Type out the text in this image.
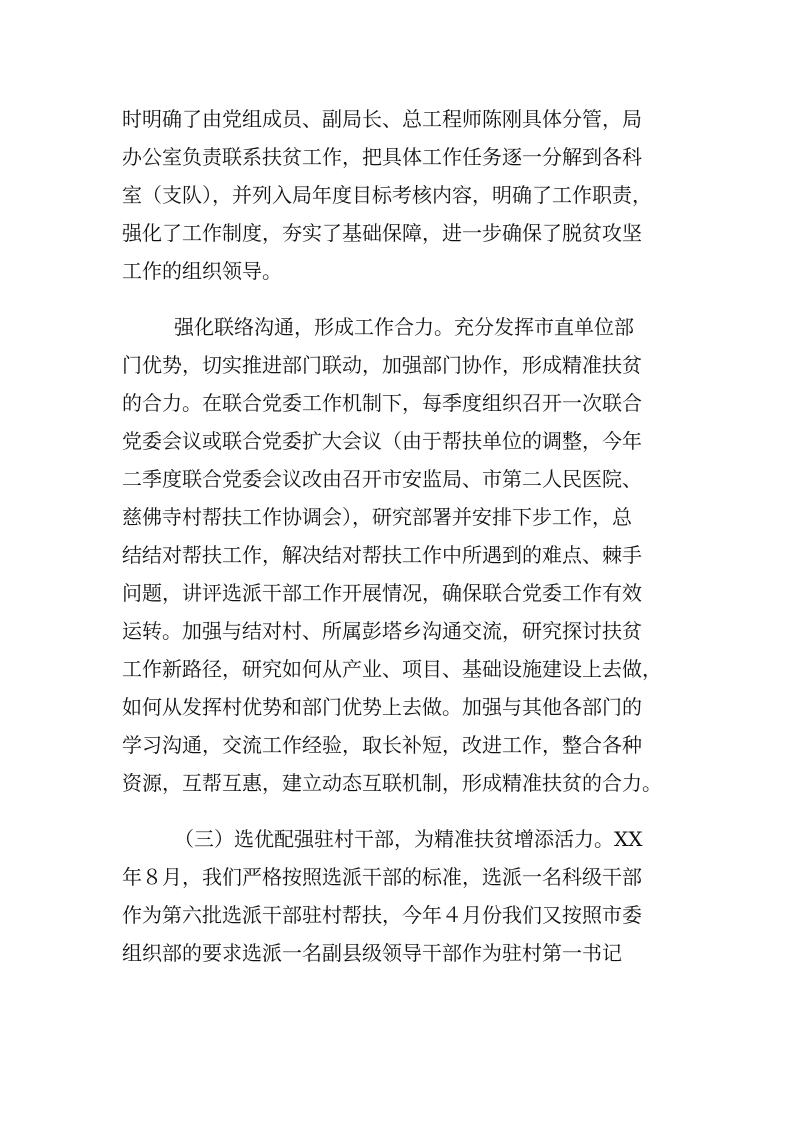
时明确了由党组成员、副局长、总工程师陈刚具体分管，局
办公室负责联系扶贫工作，把具体工作任务逐一分解到各科
室（支队），并列入局年度目标考核内容，明确了工作职责，
强化了工作制度，夯实了基础保障，进一步确保了脱贫攻坚
工作的组织领导。
强化联络沟通，形成工作合力。充分发挥市直单位部
门优势，切实推进部门联动，加强部门协作，形成精准扶贫
的合力。在联合党委工作机制下，每季度组织召开一次联合
党委会议或联合党委扩大会议（由于帮扶单位的调整，今年
二季度联合党委会议改由召开市安监局、市第二人民医院、
慈佛寺村帮扶工作协调会），研究部署并安排下步工作，总
结结对帮扶工作，解决结对帮扶工作中所遇到的难点、棘手
问题，讲评选派干部工作开展情况，确保联合党委工作有效
运转。加强与结对村、所属彭塔乡沟通交流，研究探讨扶贫
工作新路径，研究如何从产业、项目、基础设施建设上去做，
如何从发挥村优势和部门优势上去做。加强与其他各部门的
学习沟通，交流工作经验，取长补短，改进工作，整合各种
资源，互帮互惠，建立动态互联机制，形成精准扶贫的合力。
（三）选优配强驻村干部，为精准扶贫增添活力。XX
年８月，我们严格按照选派干部的标准，选派一名科级干部
作为第六批选派干部驻村帮扶，今年４月份我们又按照市委
组织部的要求选派一名副县级领导干部作为驻村第一书记
